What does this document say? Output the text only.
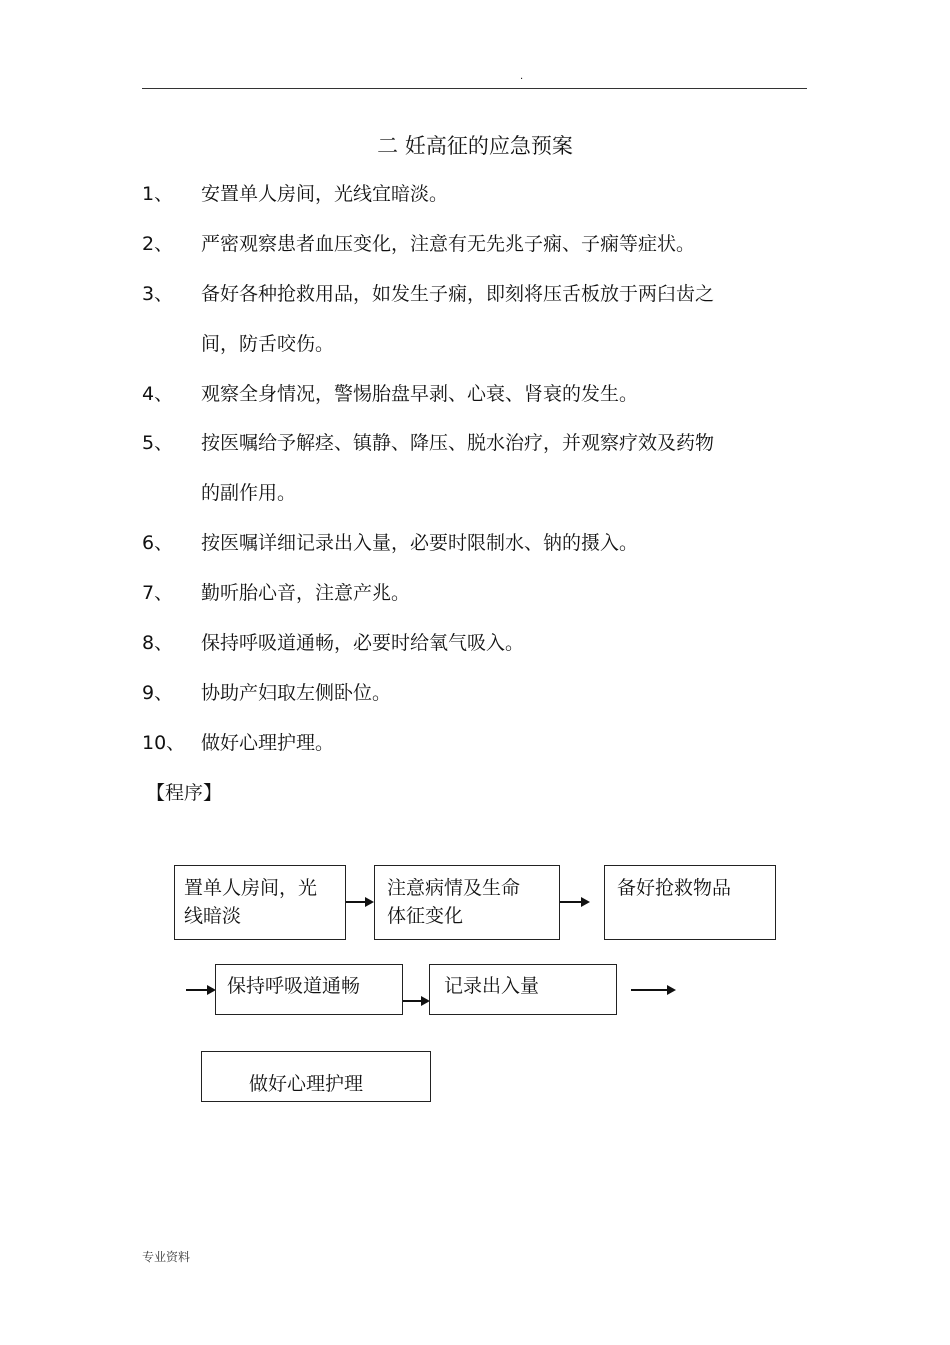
.
二 妊高征的应急预案
1、 安置单人房间，光线宜暗淡。
2、 严密观察患者血压变化，注意有无先兆子痫、子痫等症状。
3、 备好各种抢救用品，如发生子痫，即刻将压舌板放于两臼齿之
间，防舌咬伤。
4、 观察全身情况，警惕胎盘早剥、心衰、肾衰的发生。
5、 按医嘱给予解痉、镇静、降压、脱水治疗，并观察疗效及药物
的副作用。
6、 按医嘱详细记录出入量，必要时限制水、钠的摄入。
7、 勤听胎心音，注意产兆。
8、 保持呼吸道通畅，必要时给氧气吸入。
9、 协助产妇取左侧卧位。
10、 做好心理护理。
【程序】
置单人房间，光
线暗淡
注意病情及生命
体征变化
备好抢救物品
保持呼吸道通畅	记录出入量
做好心理护理
专业资料
